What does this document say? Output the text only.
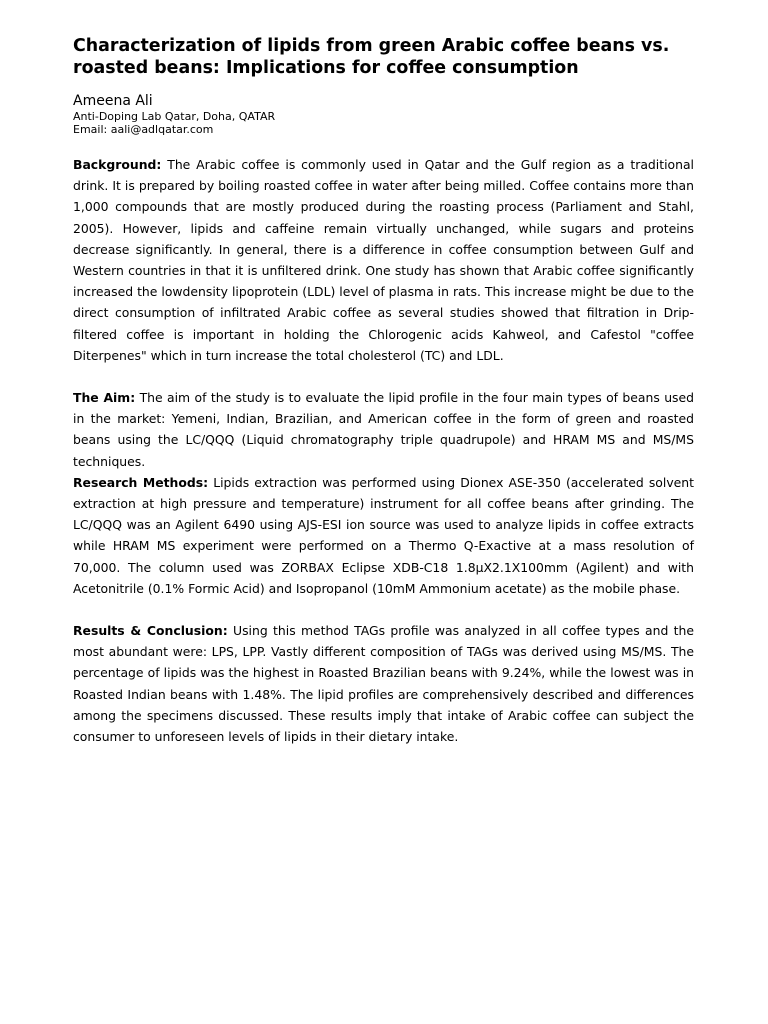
Characterization of lipids from green Arabic coffee beans vs. roasted beans: Implications for coffee consumption
Ameena Ali
Anti-Doping Lab Qatar, Doha, QATAR
Email: aali@adlqatar.com

Background: The Arabic coffee is commonly used in Qatar and the Gulf region as a traditional drink. It is prepared by boiling roasted coffee in water after being milled. Coffee contains more than 1,000 compounds that are mostly produced during the roasting process (Parliament and Stahl, 2005). However, lipids and caffeine remain virtually unchanged, while sugars and proteins decrease significantly. In general, there is a difference in coffee consumption between Gulf and Western countries in that it is unfiltered drink. One study has shown that Arabic coffee significantly increased the lowdensity lipoprotein (LDL) level of plasma in rats. This increase might be due to the direct consumption of infiltrated Arabic coffee as several studies showed that filtration in Drip-filtered coffee is important in holding the Chlorogenic acids Kahweol, and Cafestol "coffee Diterpenes" which in turn increase the total cholesterol (TC) and LDL.

The Aim: The aim of the study is to evaluate the lipid profile in the four main types of beans used in the market: Yemeni, Indian, Brazilian, and American coffee in the form of green and roasted beans using the LC/QQQ (Liquid chromatography triple quadrupole) and HRAM MS and MS/MS techniques.

Research Methods: Lipids extraction was performed using Dionex ASE-350 (accelerated solvent extraction at high pressure and temperature) instrument for all coffee beans after grinding. The LC/QQQ was an Agilent 6490 using AJS-ESI ion source was used to analyze lipids in coffee extracts while HRAM MS experiment were performed on a Thermo Q-Exactive at a mass resolution of 70,000. The column used was ZORBAX Eclipse XDB-C18 1.8µX2.1X100mm (Agilent) and with Acetonitrile (0.1% Formic Acid) and Isopropanol (10mM Ammonium acetate) as the mobile phase.

Results & Conclusion: Using this method TAGs profile was analyzed in all coffee types and the most abundant were: LPS, LPP. Vastly different composition of TAGs was derived using MS/MS. The percentage of lipids was the highest in Roasted Brazilian beans with 9.24%, while the lowest was in Roasted Indian beans with 1.48%. The lipid profiles are comprehensively described and differences among the specimens discussed. These results imply that intake of Arabic coffee can subject the consumer to unforeseen levels of lipids in their dietary intake.
